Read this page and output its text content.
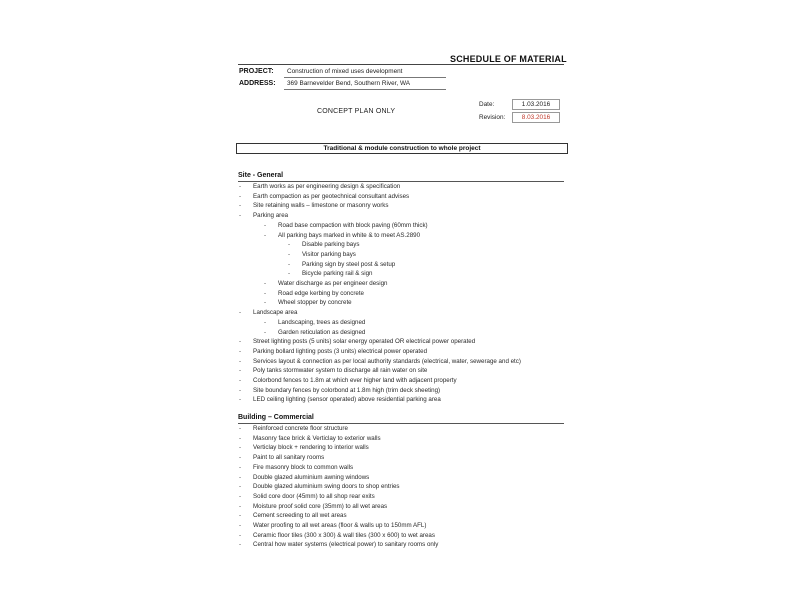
SCHEDULE OF MATERIAL
PROJECT: Construction of mixed uses development
ADDRESS: 369 Barnevelder Bend, Southern River, WA
CONCEPT PLAN ONLY
Date:	1.03.2016
Revision:	8.03.2016
Traditional & module construction to whole project
Site - General
- Earth works as per engineering design & specification
- Earth compaction as per geotechnical consultant advises
- Site retaining walls – limestone or masonry works
- Parking area
- Road base compaction with block paving (60mm thick)
- All parking bays marked in white & to meet AS.2890
- Disable parking bays
- Visitor parking bays
- Parking sign by steel post & setup
- Bicycle parking rail & sign
- Water discharge as per engineer design
- Road edge kerbing by concrete
- Wheel stopper by concrete
- Landscape area
- Landscaping, trees as designed
- Garden reticulation as designed
- Street lighting posts (5 units) solar energy operated OR electrical power operated
- Parking bollard lighting posts (3 units) electrical power operated
- Services layout & connection as per local authority standards (electrical, water, sewerage and etc)
- Poly tanks stormwater system to discharge all rain water on site
- Colorbond fences to 1.8m at which ever higher land with adjacent property
- Site boundary fences by colorbond at 1.8m high (trim deck sheeting)
- LED ceiling lighting (sensor operated) above residential parking area
Building – Commercial
- Reinforced concrete floor structure
- Masonry face brick & Verticlay to exterior walls
- Verticlay block + rendering to interior walls
- Paint to all sanitary rooms
- Fire masonry block to common walls
- Double glazed aluminium awning windows
- Double glazed aluminium swing doors to shop entries
- Solid core door (45mm) to all shop rear exits
- Moisture proof solid core (35mm) to all wet areas
- Cement screeding to all wet areas
- Water proofing to all wet areas (floor & walls up to 150mm AFL)
- Ceramic floor tiles (300 x 300) & wall tiles (300 x 600) to wet areas
- Central how water systems (electrical power) to sanitary rooms only
